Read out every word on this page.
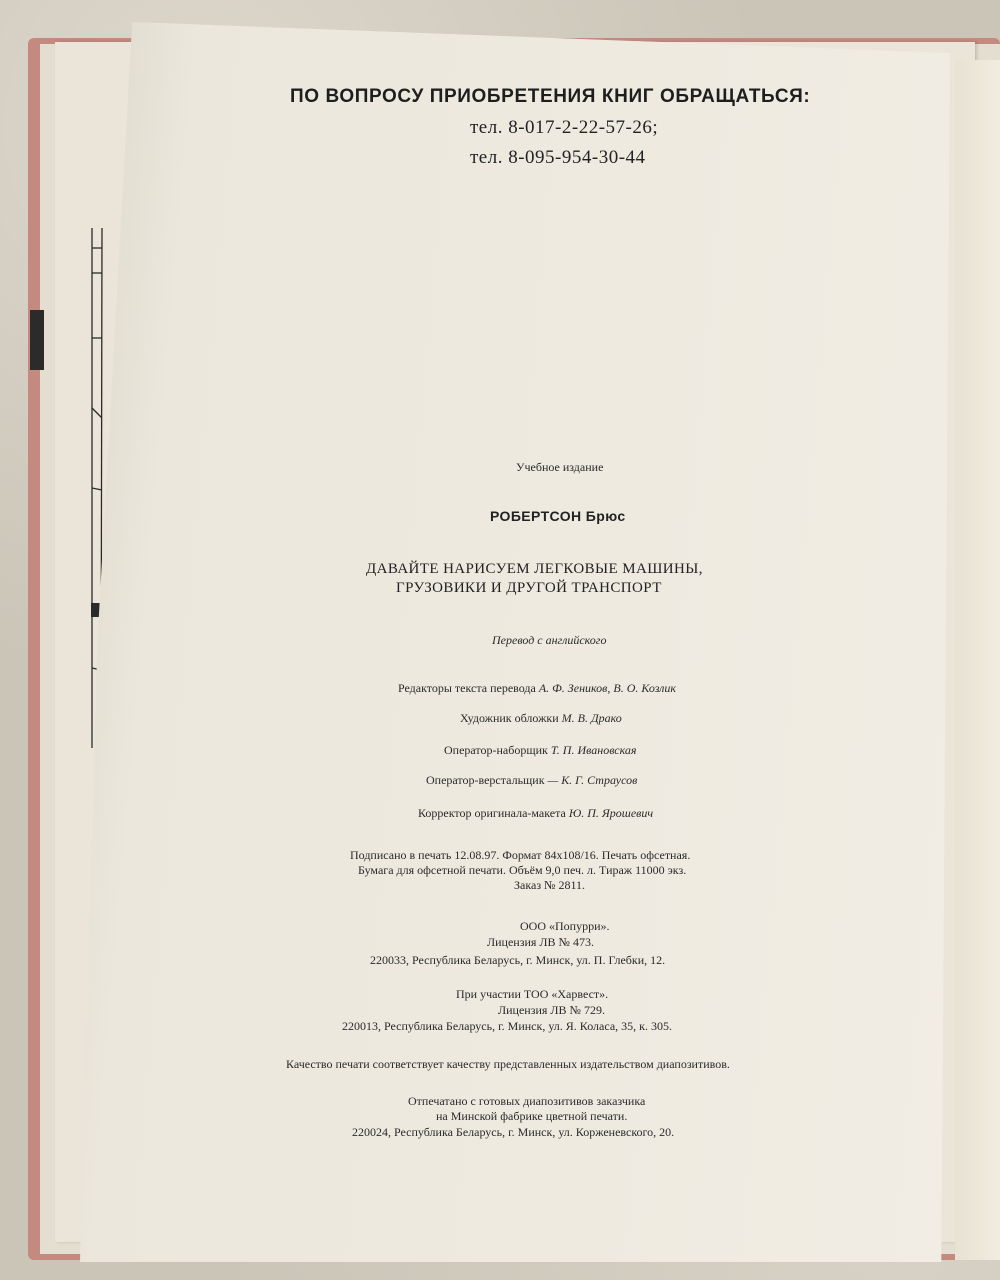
ПО ВОПРОСУ ПРИОБРЕТЕНИЯ КНИГ ОБРАЩАТЬСЯ:
тел. 8-017-2-22-57-26;
тел. 8-095-954-30-44
Учебное издание
РОБЕРТСОН Брюс
ДАВАЙТЕ НАРИСУЕМ ЛЕГКОВЫЕ МАШИНЫ,
ГРУЗОВИКИ И ДРУГОЙ ТРАНСПОРТ
Перевод с английского
Редакторы текста перевода А. Ф. Зеников, В. О. Козлик
Художник обложки М. В. Драко
Оператор-наборщик Т. П. Ивановская
Оператор-верстальщик — К. Г. Страусов
Корректор оригинала-макета Ю. П. Ярошевич
Подписано в печать 12.08.97. Формат 84х108/16. Печать офсетная.
Бумага для офсетной печати. Объём 9,0 печ. л. Тираж 11000 экз.
Заказ № 2811.
ООО «Попурри».
Лицензия ЛВ № 473.
220033, Республика Беларусь, г. Минск, ул. П. Глебки, 12.
При участии ТОО «Харвест».
Лицензия ЛВ № 729.
220013, Республика Беларусь, г. Минск, ул. Я. Коласа, 35, к. 305.
Качество печати соответствует качеству представленных издательством диапозитивов.
Отпечатано с готовых диапозитивов заказчика
на Минской фабрике цветной печати.
220024, Республика Беларусь, г. Минск, ул. Корженевского, 20.
